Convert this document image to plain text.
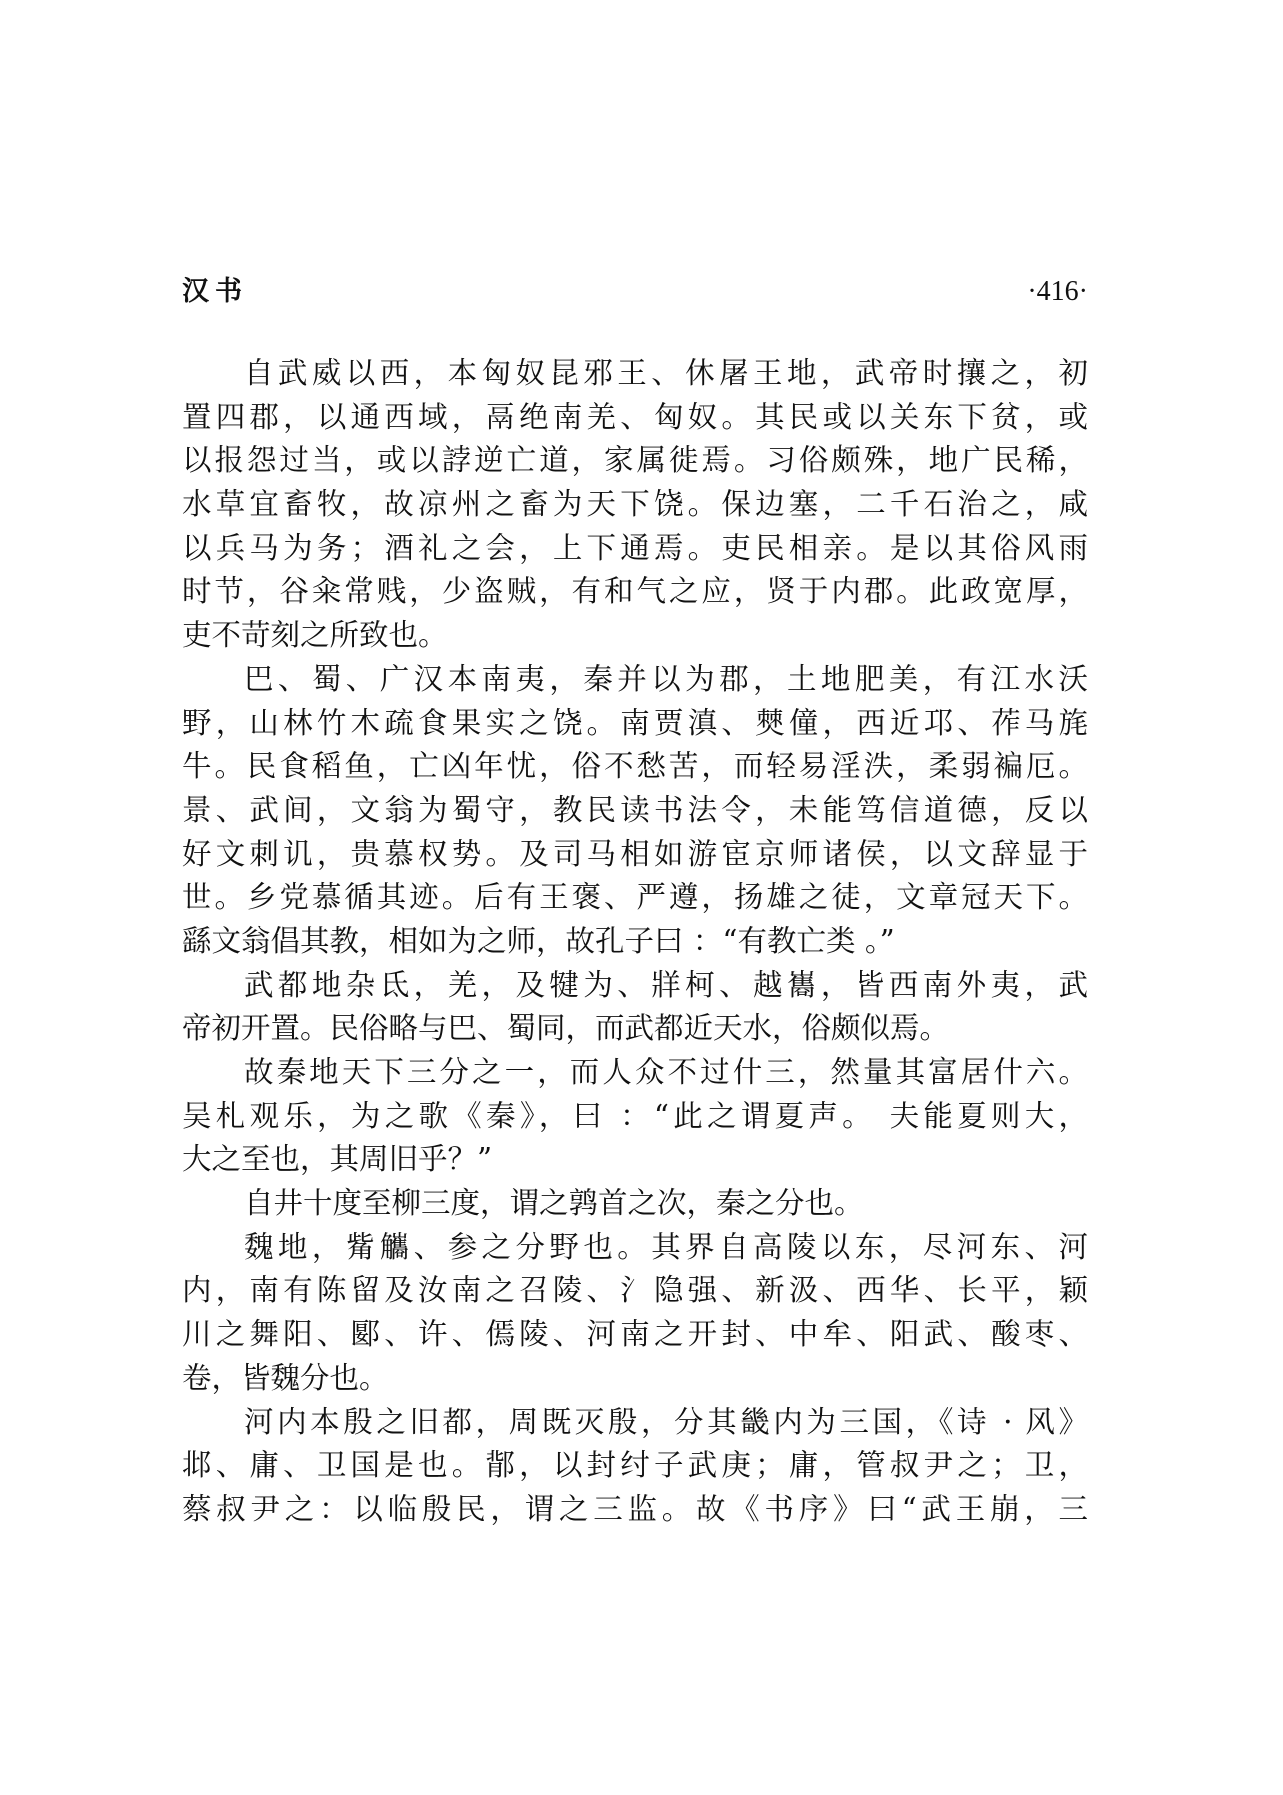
汉书	·416·
自武威以西，本匈奴昆邪王、休屠王地，武帝时攘之，初
置四郡，以通西域，鬲绝南羌、匈奴。其民或以关东下贫，或
以报怨过当，或以誖逆亡道，家属徙焉。习俗颇殊，地广民稀，
水草宜畜牧，故凉州之畜为天下饶。保边塞，二千石治之，咸
以兵马为务；酒礼之会，上下通焉。吏民相亲。是以其俗风雨
时节，谷籴常贱，少盗贼，有和气之应，贤于内郡。此政宽厚，
吏不苛刻之所致也。
巴、蜀、广汉本南夷，秦并以为郡，土地肥美，有江水沃
野，山林竹木疏食果实之饶。南贾滇、僰僮，西近邛、莋马旄
牛。民食稻鱼，亡凶年忧，俗不愁苦，而轻易淫泆，柔弱褊厄。
景、武间，文翁为蜀守，教民读书法令，未能笃信道德，反以
好文刺讥，贵慕权势。及司马相如游宦京师诸侯，以文辞显于
世。乡党慕循其迹。后有王褒、严遵，扬雄之徒，文章冠天下。
繇文翁倡其教，相如为之师，故孔子曰 ：“有教亡类 。”
武都地杂氐，羌，及犍为、牂柯、越巂，皆西南外夷，武
帝初开置。民俗略与巴、蜀同，而武都近天水，俗颇似焉。
故秦地天下三分之一，而人众不过什三，然量其富居什六。
吴札观乐，为之歌《秦》，曰 ：“此之谓夏声。 夫能夏则大，
大之至也，其周旧乎？”
自井十度至柳三度，谓之鹑首之次，秦之分也。
魏地，觜觿、参之分野也。其界自高陵以东，尽河东、河
内，南有陈留及汝南之召陵、氵隐强、新汲、西华、长平，颖
川之舞阳、郾、许、傿陵、河南之开封、中牟、阳武、酸枣、
卷，皆魏分也。
河内本殷之旧都，周既灭殷，分其畿内为三国，《诗 · 风》
邶、庸、卫国是也。鄁，以封纣子武庚；庸，管叔尹之；卫，
蔡叔尹之：以临殷民，谓之三监。故《书序》曰“武王崩，三
